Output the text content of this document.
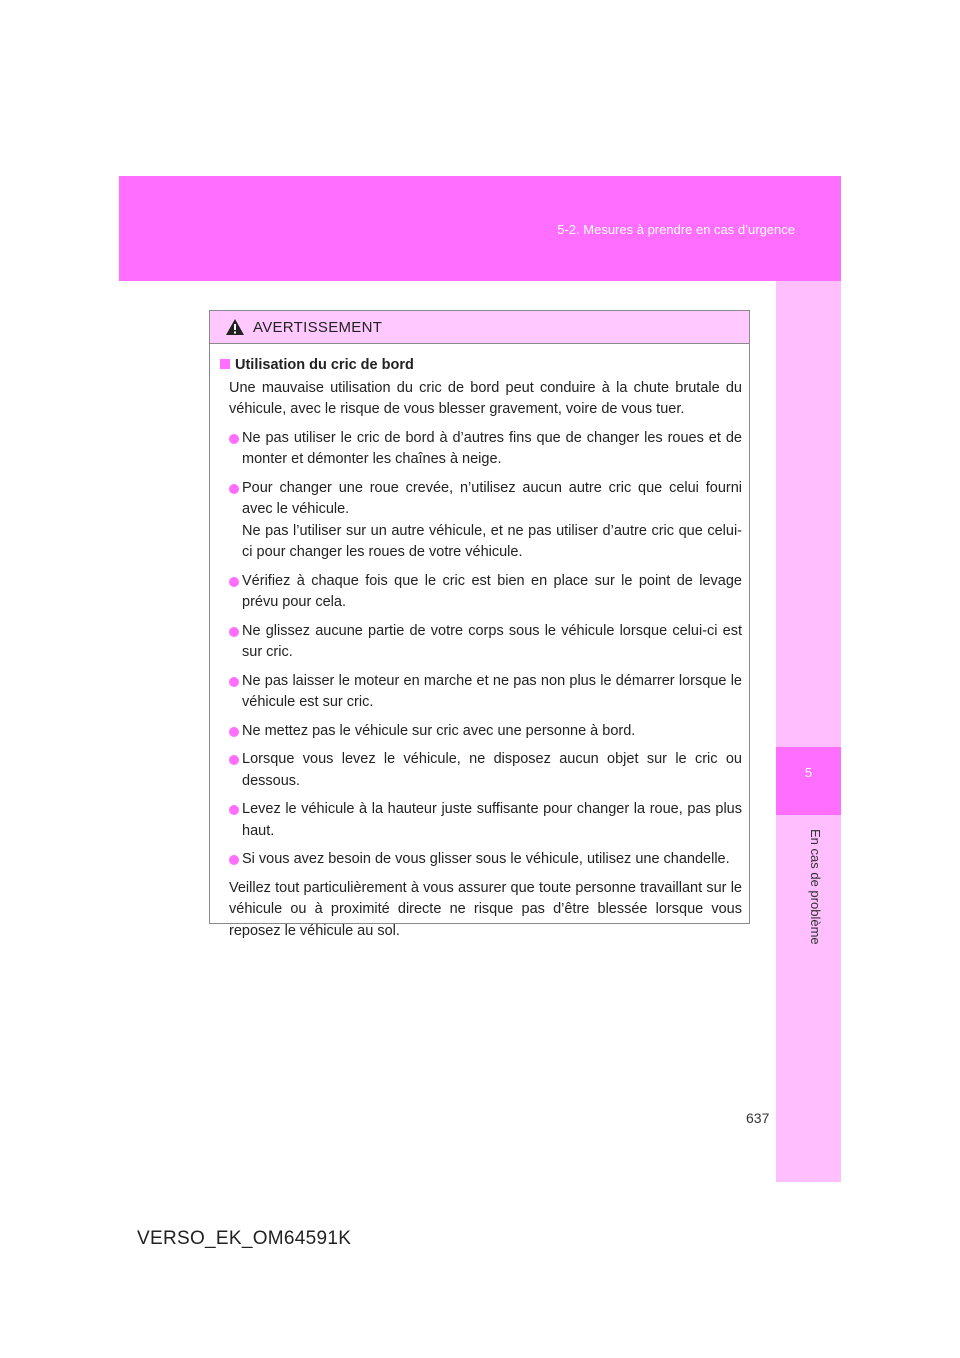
5-2. Mesures à prendre en cas d’urgence
5
En cas de problème
AVERTISSEMENT
Utilisation du cric de bord
Une mauvaise utilisation du cric de bord peut conduire à la chute brutale du véhicule, avec le risque de vous blesser gravement, voire de vous tuer.
Ne pas utiliser le cric de bord à d’autres fins que de changer les roues et de monter et démonter les chaînes à neige.
Pour changer une roue crevée, n’utilisez aucun autre cric que celui fourni avec le véhicule.
Ne pas l’utiliser sur un autre véhicule, et ne pas utiliser d’autre cric que celui-ci pour changer les roues de votre véhicule.
Vérifiez à chaque fois que le cric est bien en place sur le point de levage prévu pour cela.
Ne glissez aucune partie de votre corps sous le véhicule lorsque celui-ci est sur cric.
Ne pas laisser le moteur en marche et ne pas non plus le démarrer lorsque le véhicule est sur cric.
Ne mettez pas le véhicule sur cric avec une personne à bord.
Lorsque vous levez le véhicule, ne disposez aucun objet sur le cric ou dessous.
Levez le véhicule à la hauteur juste suffisante pour changer la roue, pas plus haut.
Si vous avez besoin de vous glisser sous le véhicule, utilisez une chandelle.
Veillez tout particulièrement à vous assurer que toute personne travaillant sur le véhicule ou à proximité directe ne risque pas d’être blessée lorsque vous reposez le véhicule au sol.
637
VERSO_EK_OM64591K
